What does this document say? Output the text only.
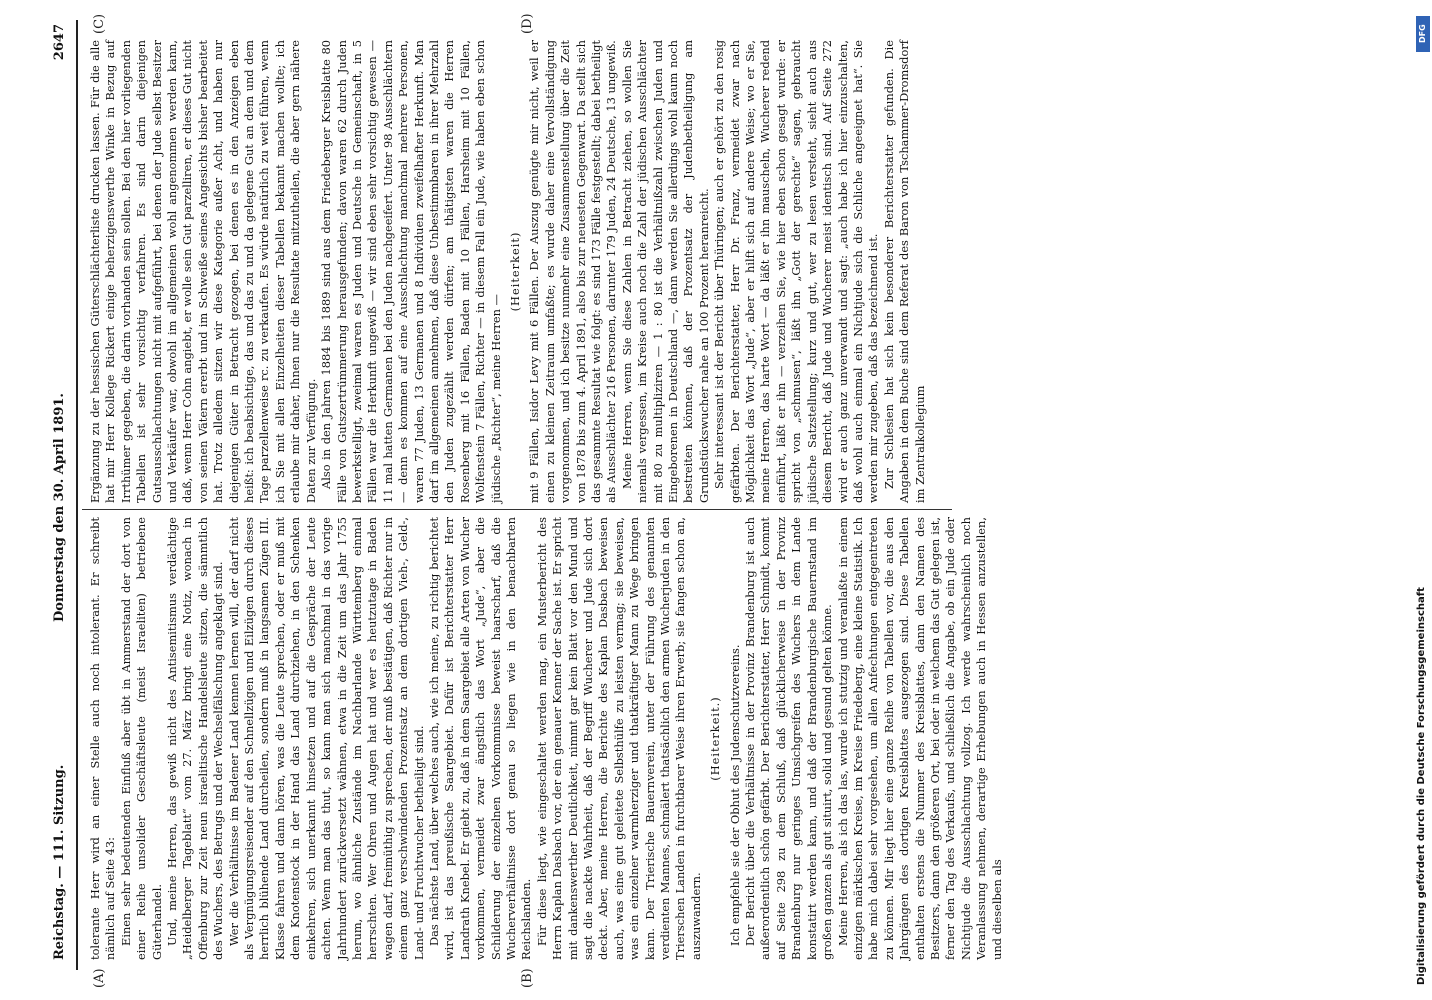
Reichstag. — 111. Sitzung.
Donnerstag den 30. April 1891.
2647
(A)	(B)
(C)	(D)

tolerante Herr wird an einer Stelle auch noch intolerant. Er schreibt nämlich auf Seite 43: Einen sehr bedeutenden Einfluß aber übt in Ammerstand der dort von einer Reihe unsolider Geschäftsleute (meist Israeliten) betriebene Güterhandel. Und, meine Herren, das gewiß nicht des Antisemitismus verdächtige „Heidelberger Tageblatt“ vom 27. März bringt eine Notiz, wonach in Offenburg zur Zeit neun israelitische Handelsleute sitzen, die sämmtlich des Wuchers, des Betrugs und der Wechselfälschung angeklagt sind. Wer die Verhältnisse im Badener Land kennen lernen will, der darf nicht als Vergnügungsreisender auf den Schnellzügen und Eilzügen durch dieses herrlich blühende Land durcheilen, sondern muß in langsamen Zügen III. Klasse fahren und dann hören, was die Leute sprechen, oder er muß mit dem Knotenstock in der Hand das Land durchziehen, in den Schenken einkehren, sich unerkannt hinsetzen und auf die Gespräche der Leute achten. Wenn man das thut, so kann man sich manchmal in das vorige Jahrhundert zurückversetzt wähnen, etwa in die Zeit um das Jahr 1755 herum, wo ähnliche Zustände im Nachbarlande Württemberg einmal herrschten. Wer Ohren und Augen hat und wer es heutzutage in Baden wagen darf, freimüthig zu sprechen, der muß bestätigen, daß Richter nur in einem ganz verschwindenden Prozentsatz an dem dortigen Vieh-, Geld-, Land- und Fruchtwucher betheiligt sind. Das nächste Land, über welches auch, wie ich meine, zu richtig berichtet wird, ist das preußische Saargebiet. Dafür ist Berichterstatter Herr Landrath Knebel. Er giebt zu, daß in dem Saargebiet alle Arten von Wucher vorkommen, vermeidet zwar ängstlich das Wort „Jude“, aber die Schilderung der einzelnen Vorkommnisse beweist haarscharf, daß die Wucherverhältnisse dort genau so liegen wie in den benachbarten Reichslanden. Für diese liegt, wie eingeschaltet werden mag, ein Musterbericht des Herrn Kaplan Dasbach vor, der ein genauer Kenner der Sache ist. Er spricht mit dankenswerther Deutlichkeit, nimmt gar kein Blatt vor den Mund und sagt die nackte Wahrheit, daß der Begriff Wucherer und Jude sich dort deckt. Aber, meine Herren, die Berichte des Kaplan Dasbach beweisen auch, was eine gut geleitete Selbsthülfe zu leisten vermag; sie beweisen, was ein einzelner warmherziger und thatkräftiger Mann zu Wege bringen kann. Der Trierische Bauernverein, unter der Führung des genannten verdienten Mannes, schmälert thatsächlich den armen Wucherjuden in den Trierschen Landen in furchtbarer Weise ihren Erwerb; sie fangen schon an, auszuwandern.

(Heiterkeit.) Ich empfehle sie der Obhut des Judenschutzvereins. Der Bericht über die Verhältnisse in der Provinz Brandenburg ist auch außerordentlich schön gefärbt. Der Berichterstatter, Herr Schmidt, kommt auf Seite 298 zu dem Schluß, daß glücklicherweise in der Provinz Brandenburg nur geringes Umsichgreifen des Wuchers in dem Lande konstatirt werden kann, und daß der Brandenburgische Bauernstand im großen ganzen als gut situirt, solid und gesund gelten könne. Meine Herren, als ich das las, wurde ich stutzig und veranlaßte in einem einzigen märkischen Kreise, im Kreise Friedeberg, eine kleine Statistik. Ich habe mich dabei sehr vorgesehen, um allen Anfechtungen entgegentreten zu können. Mir liegt hier eine ganze Reihe von Tabellen vor, die aus den Jahrgängen des dortigen Kreisblattes ausgezogen sind. Diese Tabellen enthalten erstens die Nummer des Kreisblattes, dann den Namen des Besitzers, dann den größeren Ort, bei oder in welchem das Gut gelegen ist, ferner den Tag des Verkaufs, und schließlich die Angabe, ob ein Jude oder Nichtjude die Ausschlachtung vollzog. Ich werde wahrscheinlich noch Veranlassung nehmen, derartige Erhebungen auch in Hessen anzustellen, und dieselben als

Ergänzung zu der hessischen Güterschlächterliste drucken lassen. Für die alle hat mir Herr Kollege Rickert einige beherzigenswerthe Winke in Bezug auf Irrthümer gegeben, die darin vorhanden sein sollen. Bei den hier vorliegenden Tabellen ist sehr vorsichtig verfahren. Es sind darin diejenigen Gutsausschlachtungen nicht mit aufgeführt, bei denen der Jude selbst Besitzer und Verkäufer war, obwohl im allgemeinen wohl angenommen werden kann, daß, wenn Herr Cohn angiebt, er wolle sein Gut parzelliren, er dieses Gut nicht von seinen Vätern ererbt und im Schweiße seines Angesichts bisher bearbeitet hat. Trotz alledem sitzen wir diese Kategorie außer Acht, und haben nur diejenigen Güter in Betracht gezogen, bei denen es in den Anzeigen eben heißt: ich beabsichtige, das und das zu und da gelegene Gut an dem und dem Tage parzellenweise rc. zu verkaufen. Es würde natürlich zu weit führen, wenn ich Sie mit allen Einzelheiten dieser Tabellen bekannt machen wollte; ich erlaube mir daher, Ihnen nur die Resultate mitzutheilen, die aber gern nähere Daten zur Verfügung. Also in den Jahren 1884 bis 1889 sind aus dem Friedeberger Kreisblatte 80 Fälle von Gutszertrümmerung herausgefunden; davon waren 62 durch Juden bewerkstelligt, zweimal waren es Juden und Deutsche in Gemeinschaft, in 5 Fällen war die Herkunft ungewiß — wir sind eben sehr vorsichtig gewesen — 11 mal hatten Germanen bei den Juden nachgeeifert. Unter 98 Ausschlächtern — denn es kommen auf eine Ausschlachtung manchmal mehrere Personen, waren 77 Juden, 13 Germanen und 8 Individuen zweifelhafter Herkunft. Man darf im allgemeinen annehmen, daß diese Unbestimmbaren in ihrer Mehrzahl den Juden zugezählt werden dürfen; am thätigsten waren die Herren Rosenberg mit 16 Fällen, Baden mit 10 Fällen, Harsheim mit 10 Fällen, Wolfenstein 7 Fällen, Richter — in diesem Fall ein Jude, wie haben eben schon jüdische „Richter“, meine Herren —

(Heiterkeit) mit 9 Fällen, Isidor Levy mit 6 Fällen. Der Auszug genügte mir nicht, weil er einen zu kleinen Zeitraum umfaßte; es wurde daher eine Vervollständigung vorgenommen, und ich besitze nunmehr eine Zusammenstellung über die Zeit von 1878 bis zum 4. April 1891, also bis zur neuesten Gegenwart. Da stellt sich das gesammte Resultat wie folgt: es sind 173 Fälle festgestellt; dabei betheiligt als Ausschlächter 216 Personen, darunter 179 Juden, 24 Deutsche, 13 ungewiß. Meine Herren, wenn Sie diese Zahlen in Betracht ziehen, so wollen Sie niemals vergessen, im Kreise auch noch die Zahl der jüdischen Ausschlächter mit 80 zu multipliziren — 1 : 80 ist die Verhältnißzahl zwischen Juden und Eingeborenen in Deutschland —, dann werden Sie allerdings wohl kaum noch bestreiten können, daß der Prozentsatz der Judenbetheiligung am Grundstückswucher nahe an 100 Prozent heranreicht. Sehr interessant ist der Bericht über Thüringen; auch er gehört zu den rosig gefärbten. Der Berichterstatter, Herr Dr. Franz, vermeidet zwar nach Möglichkeit das Wort „Jude“, aber er hilft sich auf andere Weise; wo er Sie, meine Herren, das harte Wort — da läßt er ihn mauscheln, Wucherer redend einführt, läßt er ihn — verzeihen Sie, wie hier eben schon gesagt wurde: er spricht von „schmusen“, läßt ihn „Gott der gerechte“ sagen, gebraucht jüdische Satzstellung; kurz und gut, wer zu lesen versteht, sieht auch aus diesem Bericht, daß Jude und Wucherer meist identisch sind. Auf Seite 272 wird er auch ganz unverwandt und sagt: „auch habe ich hier einzuschalten, daß wohl auch einmal ein Nichtjude sich die Schliche angeeignet hat“. Sie werden mir zugeben, daß das bezeichnend ist. Zur Schlesien hat sich kein besonderer Berichterstatter gefunden. Die Angaben in dem Buche sind dem Referat des Baron von Tschammer-Dromsdorf im Zentralkollegium

DFG
Digitalisierung gefördert durch die Deutsche Forschungsgemeinschaft
